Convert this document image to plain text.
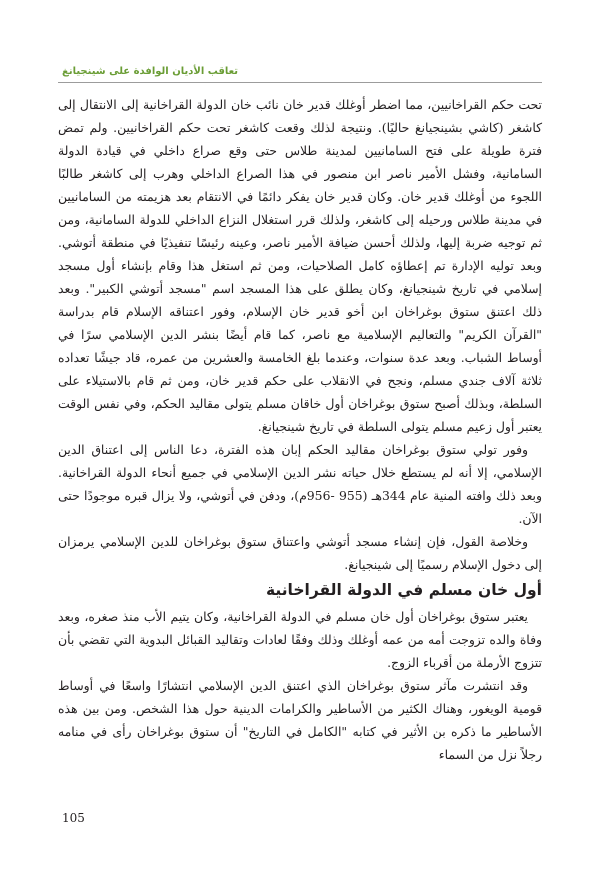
تعاقب الأديان الوافدة على شينجيانغ

تحت حكم القراخانيين، مما اضطر أوغلك قدير خان نائب خان الدولة القراخانية إلى الانتقال إلى كاشغر (كاشي بشينجيانغ حاليًا). ونتيجة لذلك وقعت كاشغر تحت حكم القراخانيين. ولم تمض فترة طويلة على فتح السامانيين لمدينة طلاس حتى وقع صراع داخلي في قيادة الدولة السامانية، وفشل الأمير ناصر ابن منصور في هذا الصراع الداخلي وهرب إلى كاشغر طالبًا اللجوء من أوغلك قدير خان. وكان قدير خان يفكر دائمًا في الانتقام بعد هزيمته من السامانيين في مدينة طلاس ورحيله إلى كاشغر، ولذلك قرر استغلال النزاع الداخلي للدولة السامانية، ومن ثم توجيه ضربة إليها، ولذلك أحسن ضيافة الأمير ناصر، وعينه رئيسًا تنفيذيًا في منطقة أتوشي. وبعد توليه الإدارة تم إعطاؤه كامل الصلاحيات، ومن ثم استغل هذا وقام بإنشاء أول مسجد إسلامي في تاريخ شينجيانغ، وكان يطلق على هذا المسجد اسم "مسجد أتوشي الكبير". وبعد ذلك اعتنق ستوق بوغراخان ابن أخو قدير خان الإسلام، وفور اعتناقه الإسلام قام بدراسة "القرآن الكريم" والتعاليم الإسلامية مع ناصر، كما قام أيضًا بنشر الدين الإسلامي سرًا في أوساط الشباب. وبعد عدة سنوات، وعندما بلغ الخامسة والعشرين من عمره، قاد جيشًا تعداده ثلاثة آلاف جندي مسلم، ونجح في الانقلاب على حكم قدير خان، ومن ثم قام بالاستيلاء على السلطة، وبذلك أصبح ستوق بوغراخان أول خاقان مسلم يتولى مقاليد الحكم، وفي نفس الوقت يعتبر أول زعيم مسلم يتولى السلطة في تاريخ شينجيانغ.

وفور تولي ستوق بوغراخان مقاليد الحكم إبان هذه الفترة، دعا الناس إلى اعتناق الدين الإسلامي، إلا أنه لم يستطع خلال حياته نشر الدين الإسلامي في جميع أنحاء الدولة القراخانية. وبعد ذلك وافته المنية عام 344هـ (955 -956م)، ودفن في أتوشي، ولا يزال قبره موجودًا حتى الآن.

وخلاصة القول، فإن إنشاء مسجد أتوشي واعتناق ستوق بوغراخان للدين الإسلامي يرمزان إلى دخول الإسلام رسميًا إلى شينجيانغ.

أول خان مسلم في الدولة القراخانية

يعتبر ستوق بوغراخان أول خان مسلم في الدولة القراخانية، وكان يتيم الأب منذ صغره، وبعد وفاة والده تزوجت أمه من عمه أوغلك وذلك وفقًا لعادات وتقاليد القبائل البدوية التي تقضي بأن تتزوج الأرملة من أقرباء الزوج.

وقد انتشرت مآثر ستوق بوغراخان الذي اعتنق الدين الإسلامي انتشارًا واسعًا في أوساط قومية الويغور، وهناك الكثير من الأساطير والكرامات الدينية حول هذا الشخص. ومن بين هذه الأساطير ما ذكره بن الأثير في كتابه "الكامل في التاريخ" أن ستوق بوغراخان رأى في منامه رجلاً نزل من السماء

105
